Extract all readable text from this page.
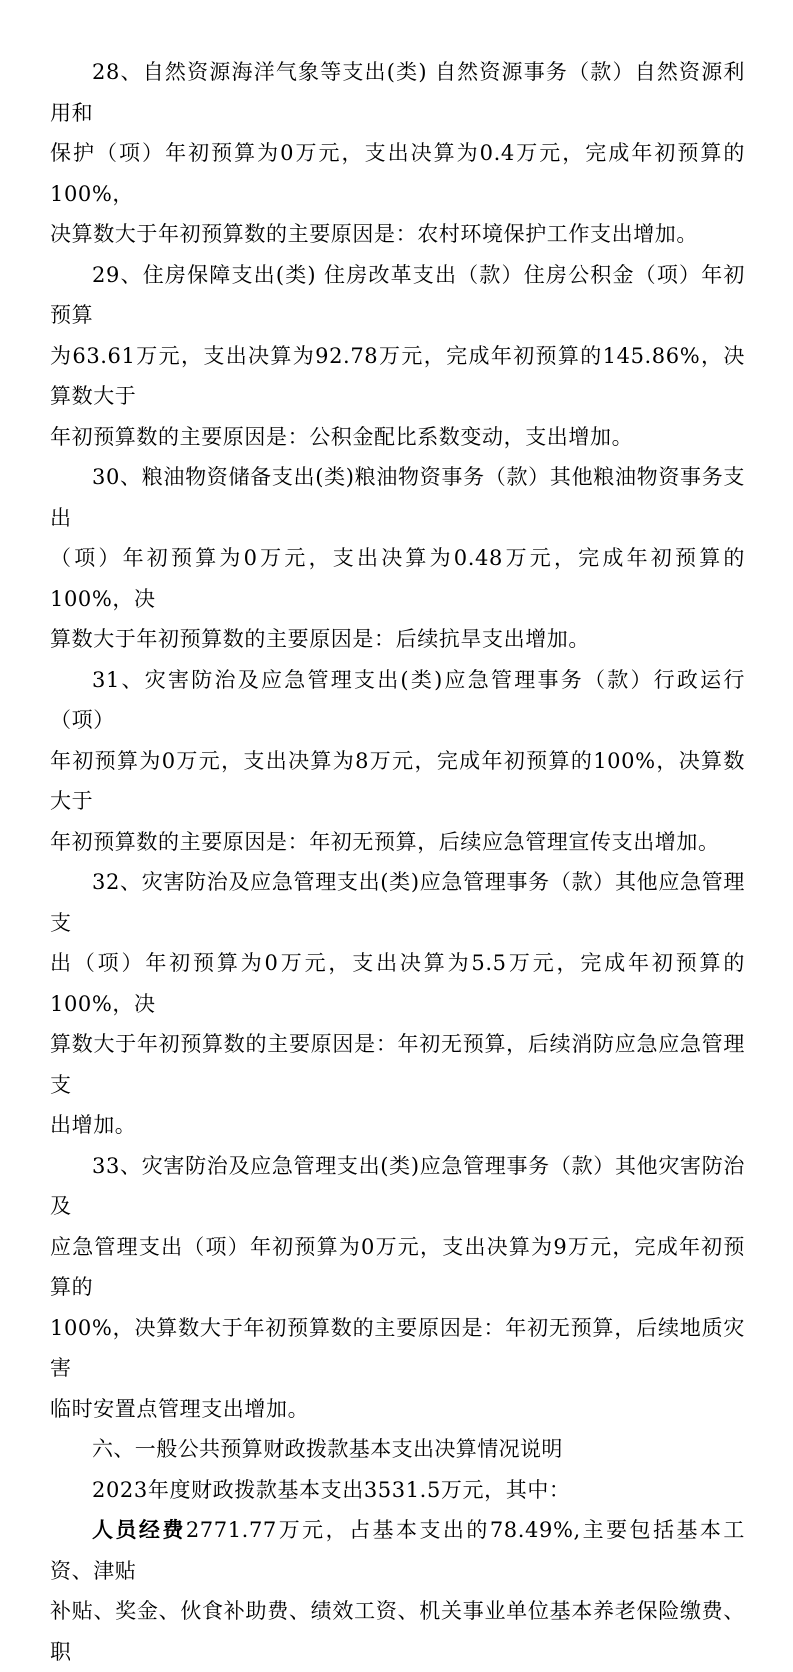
28、自然资源海洋气象等支出(类) 自然资源事务（款）自然资源利用和
保护（项）年初预算为0万元，支出决算为0.4万元，完成年初预算的100%，
决算数大于年初预算数的主要原因是：农村环境保护工作支出增加。

29、住房保障支出(类) 住房改革支出（款）住房公积金（项）年初预算
为63.61万元，支出决算为92.78万元，完成年初预算的145.86%，决算数大于
年初预算数的主要原因是：公积金配比系数变动，支出增加。

30、粮油物资储备支出(类)粮油物资事务（款）其他粮油物资事务支出
（项）年初预算为0万元，支出决算为0.48万元，完成年初预算的100%，决
算数大于年初预算数的主要原因是：后续抗旱支出增加。

31、灾害防治及应急管理支出(类)应急管理事务（款）行政运行（项）
年初预算为0万元，支出决算为8万元，完成年初预算的100%，决算数大于
年初预算数的主要原因是：年初无预算，后续应急管理宣传支出增加。

32、灾害防治及应急管理支出(类)应急管理事务（款）其他应急管理支
出（项）年初预算为0万元，支出决算为5.5万元，完成年初预算的100%，决
算数大于年初预算数的主要原因是：年初无预算，后续消防应急应急管理支
出增加。

33、灾害防治及应急管理支出(类)应急管理事务（款）其他灾害防治及
应急管理支出（项）年初预算为0万元，支出决算为9万元，完成年初预算的
100%，决算数大于年初预算数的主要原因是：年初无预算，后续地质灾害
临时安置点管理支出增加。

六、一般公共预算财政拨款基本支出决算情况说明

2023年度财政拨款基本支出3531.5万元，其中：

人员经费2771.77万元，占基本支出的78.49%,主要包括基本工资、津贴
补贴、奖金、伙食补助费、绩效工资、机关事业单位基本养老保险缴费、职
